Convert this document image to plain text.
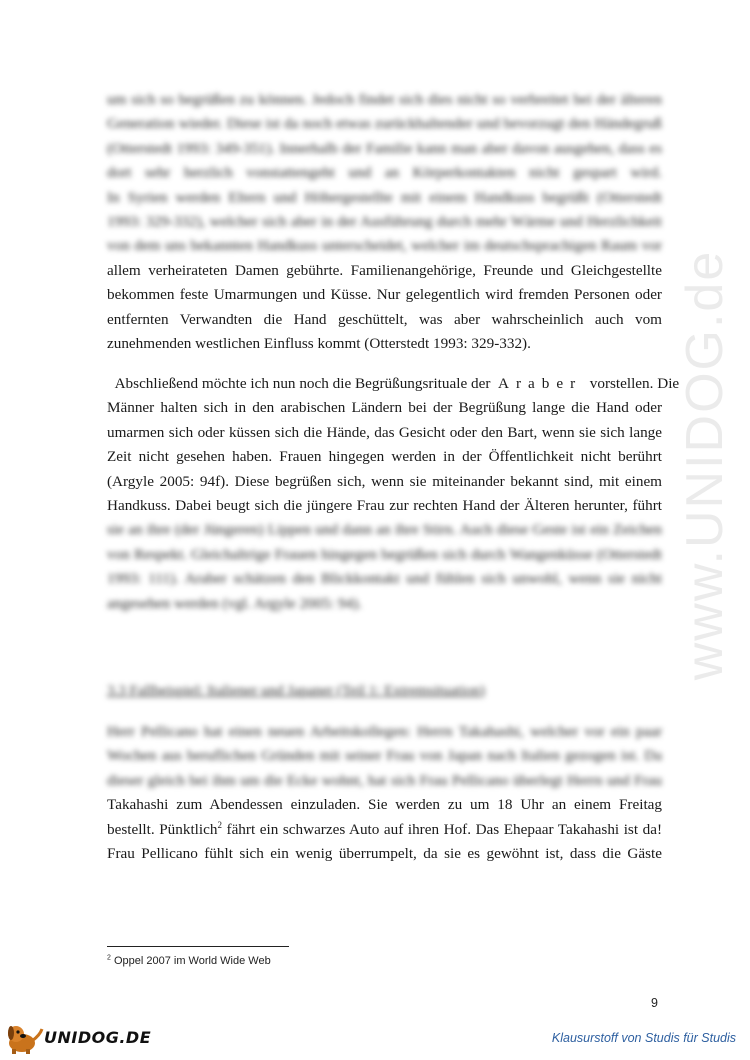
www.UNIDOG.de
um sich so begrüßen zu können. Jedoch findet sich dies nicht so verbreitet bei der älteren
Generation wieder. Diese ist da noch etwas zurückhaltender und bevorzugt den Händegruß
(Otterstedt 1993: 349-351). Innerhalb der Familie kann man aber davon ausgehen, dass es
dort sehr herzlich vonstattengeht und an Körperkontakten nicht gespart wird.
In Syrien werden Eltern und Höhergestellte mit einem Handkuss begrüßt (Otterstedt
1993: 329-332), welcher sich aber in der Ausführung durch mehr Wärme und Herzlichkeit
von dem uns bekannten Handkuss unterscheidet, welcher im deutschsprachigen Raum vor
allem verheirateten Damen gebührte. Familienangehörige, Freunde und Gleichgestellte
bekommen feste Umarmungen und Küsse. Nur gelegentlich wird fremden Personen oder
entfernten Verwandten die Hand geschüttelt, was aber wahrscheinlich auch vom
zunehmenden westlichen Einfluss kommt (Otterstedt 1993: 329-332).
Abschließend möchte ich nun noch die Begrüßungsrituale der Araber vorstellen. Die
Männer halten sich in den arabischen Ländern bei der Begrüßung lange die Hand oder
umarmen sich oder küssen sich die Hände, das Gesicht oder den Bart, wenn sie sich lange
Zeit nicht gesehen haben. Frauen hingegen werden in der Öffentlichkeit nicht berührt
(Argyle 2005: 94f). Diese begrüßen sich, wenn sie miteinander bekannt sind, mit einem
Handkuss. Dabei beugt sich die jüngere Frau zur rechten Hand der Älteren herunter, führt
sie an ihre (der Jüngeren) Lippen und dann an ihre Stirn. Auch diese Geste ist ein Zeichen
von Respekt. Gleichaltrige Frauen hingegen begrüßen sich durch Wangenküsse (Otterstedt
1993: 111). Araber schätzen den Blickkontakt und fühlen sich unwohl, wenn sie nicht
angesehen werden (vgl. Argyle 2005: 94).
3.3 Fallbeispiel: Italiener und Japaner (Teil 1: Extremsituation)
Herr Pellicano hat einen neuen Arbeitskollegen: Herrn Takahashi, welcher vor ein paar
Wochen aus beruflichen Gründen mit seiner Frau von Japan nach Italien gezogen ist. Da
dieser gleich bei ihm um die Ecke wohnt, hat sich Frau Pellicano überlegt Herrn und Frau
Takahashi zum Abendessen einzuladen. Sie werden zu um 18 Uhr an einem Freitag
bestellt. Pünktlich$^2$ fährt ein schwarzes Auto auf ihren Hof. Das Ehepaar Takahashi ist da!
Frau Pellicano fühlt sich ein wenig überrumpelt, da sie es gewöhnt ist, dass die Gäste
$^2$ Oppel 2007 im World Wide Web
9
UNIDOG.DE	Klausurstoff von Studis für Studis
